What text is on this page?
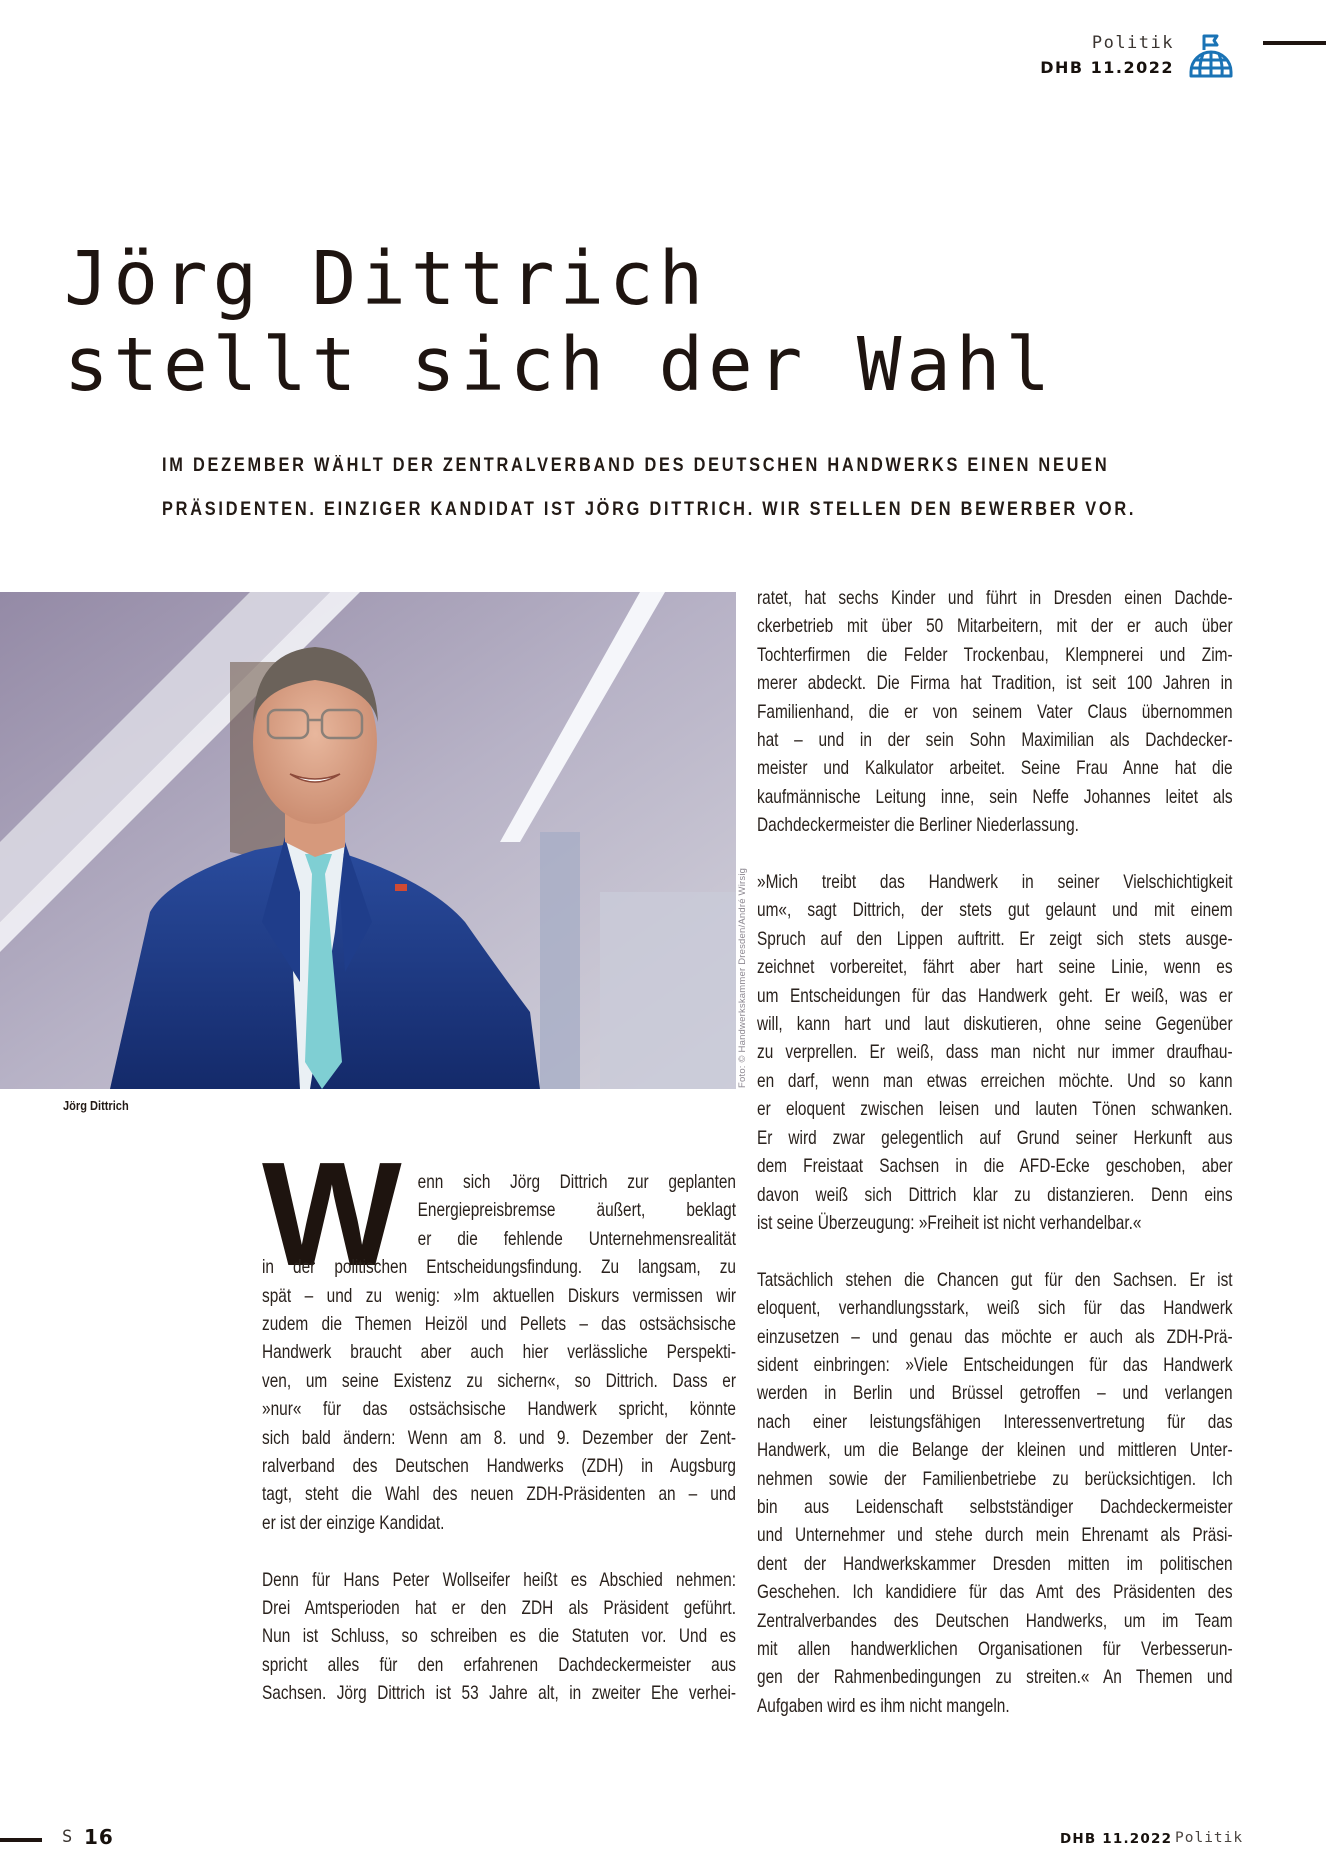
Politik
DHB 11.2022
Jörg Dittrich
stellt sich der Wahl

IM DEZEMBER WÄHLT DER ZENTRALVERBAND DES DEUTSCHEN HANDWERKS EINEN NEUEN
PRÄSIDENTEN. EINZIGER KANDIDAT IST JÖRG DITTRICH. WIR STELLEN DEN BEWERBER VOR.

Foto: © Handwerkskammer Dresden/André Wirsig
Jörg Dittrich
W	enn sich Jörg Dittrich zur geplanten
Energiepreisbremse äußert, beklagt
er die fehlende Unternehmensrealität
in der politischen Entscheidungsfindung. Zu langsam, zu
spät – und zu wenig: »Im aktuellen Diskurs vermissen wir
zudem die Themen Heizöl und Pellets – das ostsächsische
Handwerk braucht aber auch hier verlässliche Perspekti-
ven, um seine Existenz zu sichern«, so Dittrich. Dass er
»nur« für das ostsächsische Handwerk spricht, könnte
sich bald ändern: Wenn am 8. und 9. Dezember der Zent-
ralverband des Deutschen Handwerks (ZDH) in Augsburg
tagt, steht die Wahl des neuen ZDH-Präsidenten an – und
er ist der einzige Kandidat.

Denn für Hans Peter Wollseifer heißt es Abschied nehmen:
Drei Amtsperioden hat er den ZDH als Präsident geführt.
Nun ist Schluss, so schreiben es die Statuten vor. Und es
spricht alles für den erfahrenen Dachdeckermeister aus
Sachsen. Jörg Dittrich ist 53 Jahre alt, in zweiter Ehe verhei-

ratet, hat sechs Kinder und führt in Dresden einen Dachde-
ckerbetrieb mit über 50 Mitarbeitern, mit der er auch über
Tochterfirmen die Felder Trockenbau, Klempnerei und Zim-
merer abdeckt. Die Firma hat Tradition, ist seit 100 Jahren in
Familienhand, die er von seinem Vater Claus übernommen
hat – und in der sein Sohn Maximilian als Dachdecker-
meister und Kalkulator arbeitet. Seine Frau Anne hat die
kaufmännische Leitung inne, sein Neffe Johannes leitet als
Dachdeckermeister die Berliner Niederlassung.

»Mich treibt das Handwerk in seiner Vielschichtigkeit
um«, sagt Dittrich, der stets gut gelaunt und mit einem
Spruch auf den Lippen auftritt. Er zeigt sich stets ausge-
zeichnet vorbereitet, fährt aber hart seine Linie, wenn es
um Entscheidungen für das Handwerk geht. Er weiß, was er
will, kann hart und laut diskutieren, ohne seine Gegenüber
zu verprellen. Er weiß, dass man nicht nur immer draufhau-
en darf, wenn man etwas erreichen möchte. Und so kann
er eloquent zwischen leisen und lauten Tönen schwanken.
Er wird zwar gelegentlich auf Grund seiner Herkunft aus
dem Freistaat Sachsen in die AFD-Ecke geschoben, aber
davon weiß sich Dittrich klar zu distanzieren. Denn eins
ist seine Überzeugung: »Freiheit ist nicht verhandelbar.«

Tatsächlich stehen die Chancen gut für den Sachsen. Er ist
eloquent, verhandlungsstark, weiß sich für das Handwerk
einzusetzen – und genau das möchte er auch als ZDH-Prä-
sident einbringen: »Viele Entscheidungen für das Handwerk
werden in Berlin und Brüssel getroffen – und verlangen
nach einer leistungsfähigen Interessenvertretung für das
Handwerk, um die Belange der kleinen und mittleren Unter-
nehmen sowie der Familienbetriebe zu berücksichtigen. Ich
bin aus Leidenschaft selbstständiger Dachdeckermeister
und Unternehmer und stehe durch mein Ehrenamt als Präsi-
dent der Handwerkskammer Dresden mitten im politischen
Geschehen. Ich kandidiere für das Amt des Präsidenten des
Zentralverbandes des Deutschen Handwerks, um im Team
mit allen handwerklichen Organisationen für Verbesserun-
gen der Rahmenbedingungen zu streiten.« An Themen und
Aufgaben wird es ihm nicht mangeln.

S 16	DHB 11.2022 Politik
